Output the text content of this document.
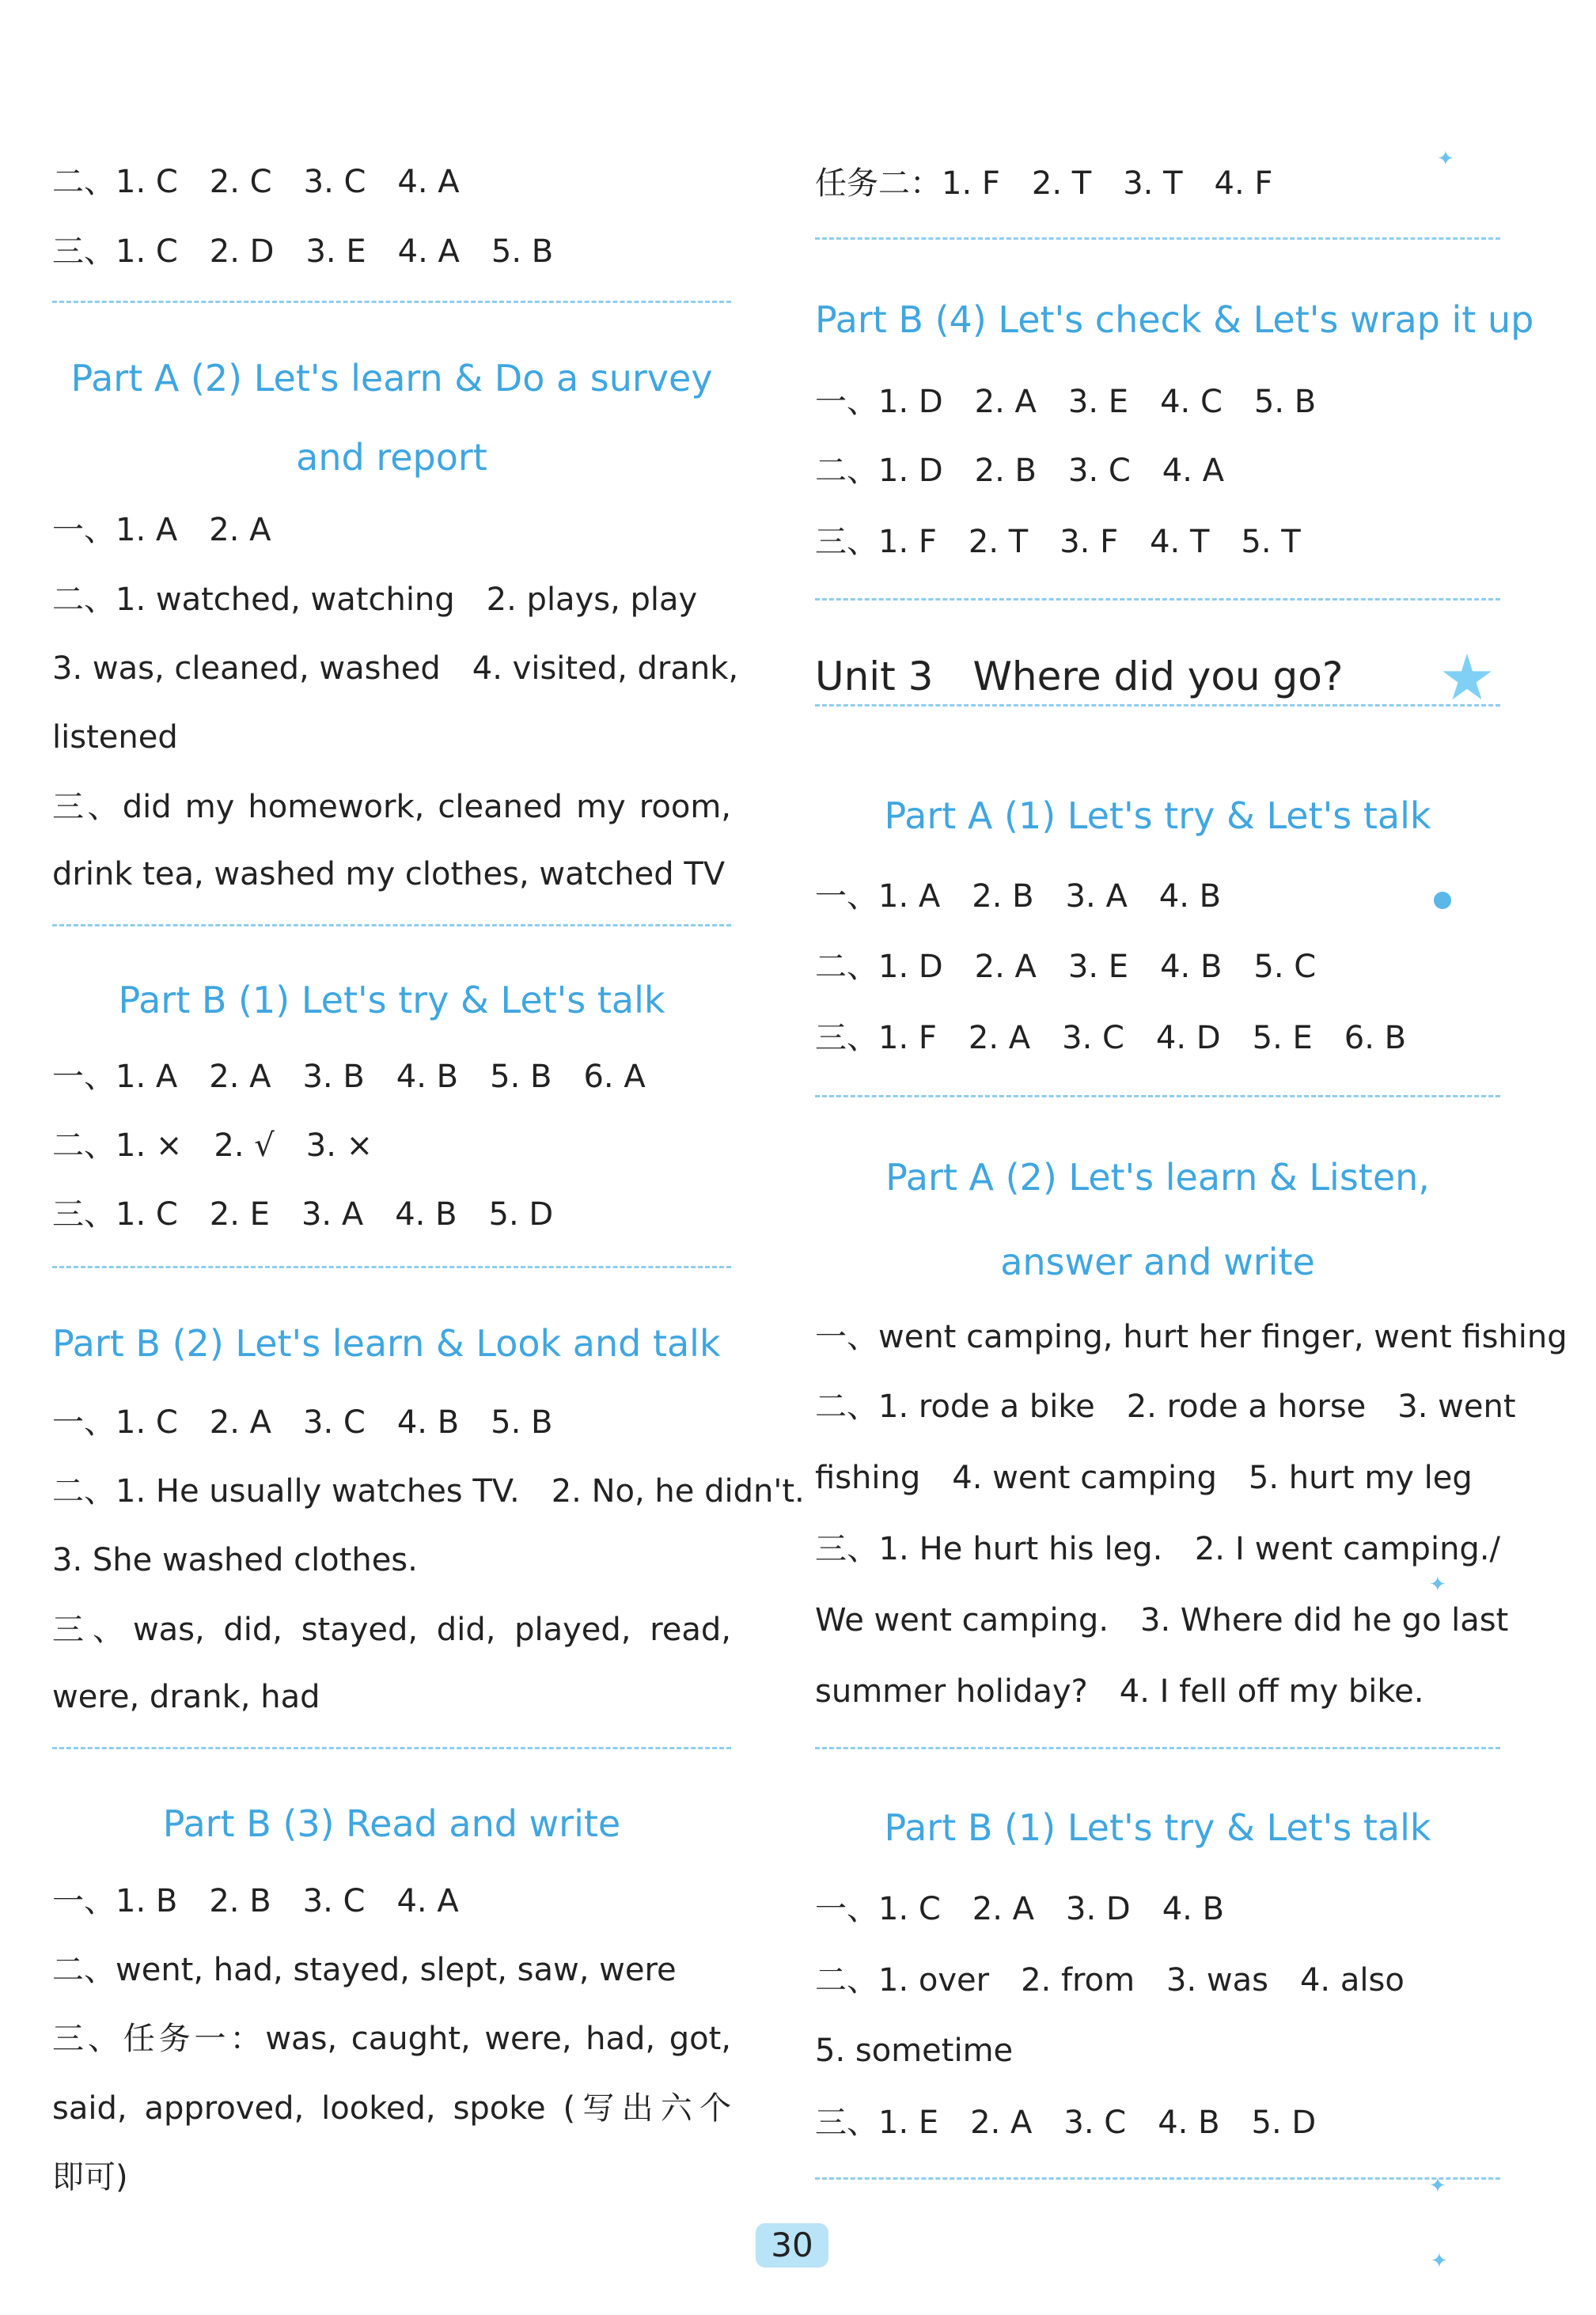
二、1. C　2. C　3. C　4. A
三、1. C　2. D　3. E　4. A　5. B
Part A (2) Let's learn & Do a survey
and report
一、1. A　2. A
二、1. watched, watching　2. plays, play
3. was, cleaned, washed　4. visited, drank,
listened
三、did my homework, cleaned my room,
drink tea, washed my clothes, watched TV
Part B (1) Let's try & Let's talk
一、1. A　2. A　3. B　4. B　5. B　6. A
二、1. ×　2. √　3. ×
三、1. C　2. E　3. A　4. B　5. D
Part B (2) Let's learn & Look and talk
一、1. C　2. A　3. C　4. B　5. B
二、1. He usually watches TV.　2. No, he didn't.
3. She washed clothes.
三、was, did, stayed, did, played, read,
were, drank, had
Part B (3) Read and write
一、1. B　2. B　3. C　4. A
二、went, had, stayed, slept, saw, were
三、任务一：was, caught, were, had, got,
said, approved, looked, spoke (写出六个
即可)
任务二：1. F　2. T　3. T　4. F
Part B (4) Let's check & Let's wrap it up
一、1. D　2. A　3. E　4. C　5. B
二、1. D　2. B　3. C　4. A
三、1. F　2. T　3. F　4. T　5. T
Unit 3　Where did you go?
Part A (1) Let's try & Let's talk
一、1. A　2. B　3. A　4. B
二、1. D　2. A　3. E　4. B　5. C
三、1. F　2. A　3. C　4. D　5. E　6. B
Part A (2) Let's learn & Listen,
answer and write
一、went camping, hurt her finger, went fishing
二、1. rode a bike　2. rode a horse　3. went
fishing　4. went camping　5. hurt my leg
三、1. He hurt his leg.　2. I went camping./
We went camping.　3. Where did he go last
summer holiday?　4. I fell off my bike.
Part B (1) Let's try & Let's talk
一、1. C　2. A　3. D　4. B
二、1. over　2. from　3. was　4. also
5. sometime
三、1. E　2. A　3. C　4. B　5. D
✦
✦
✦
✦
30
